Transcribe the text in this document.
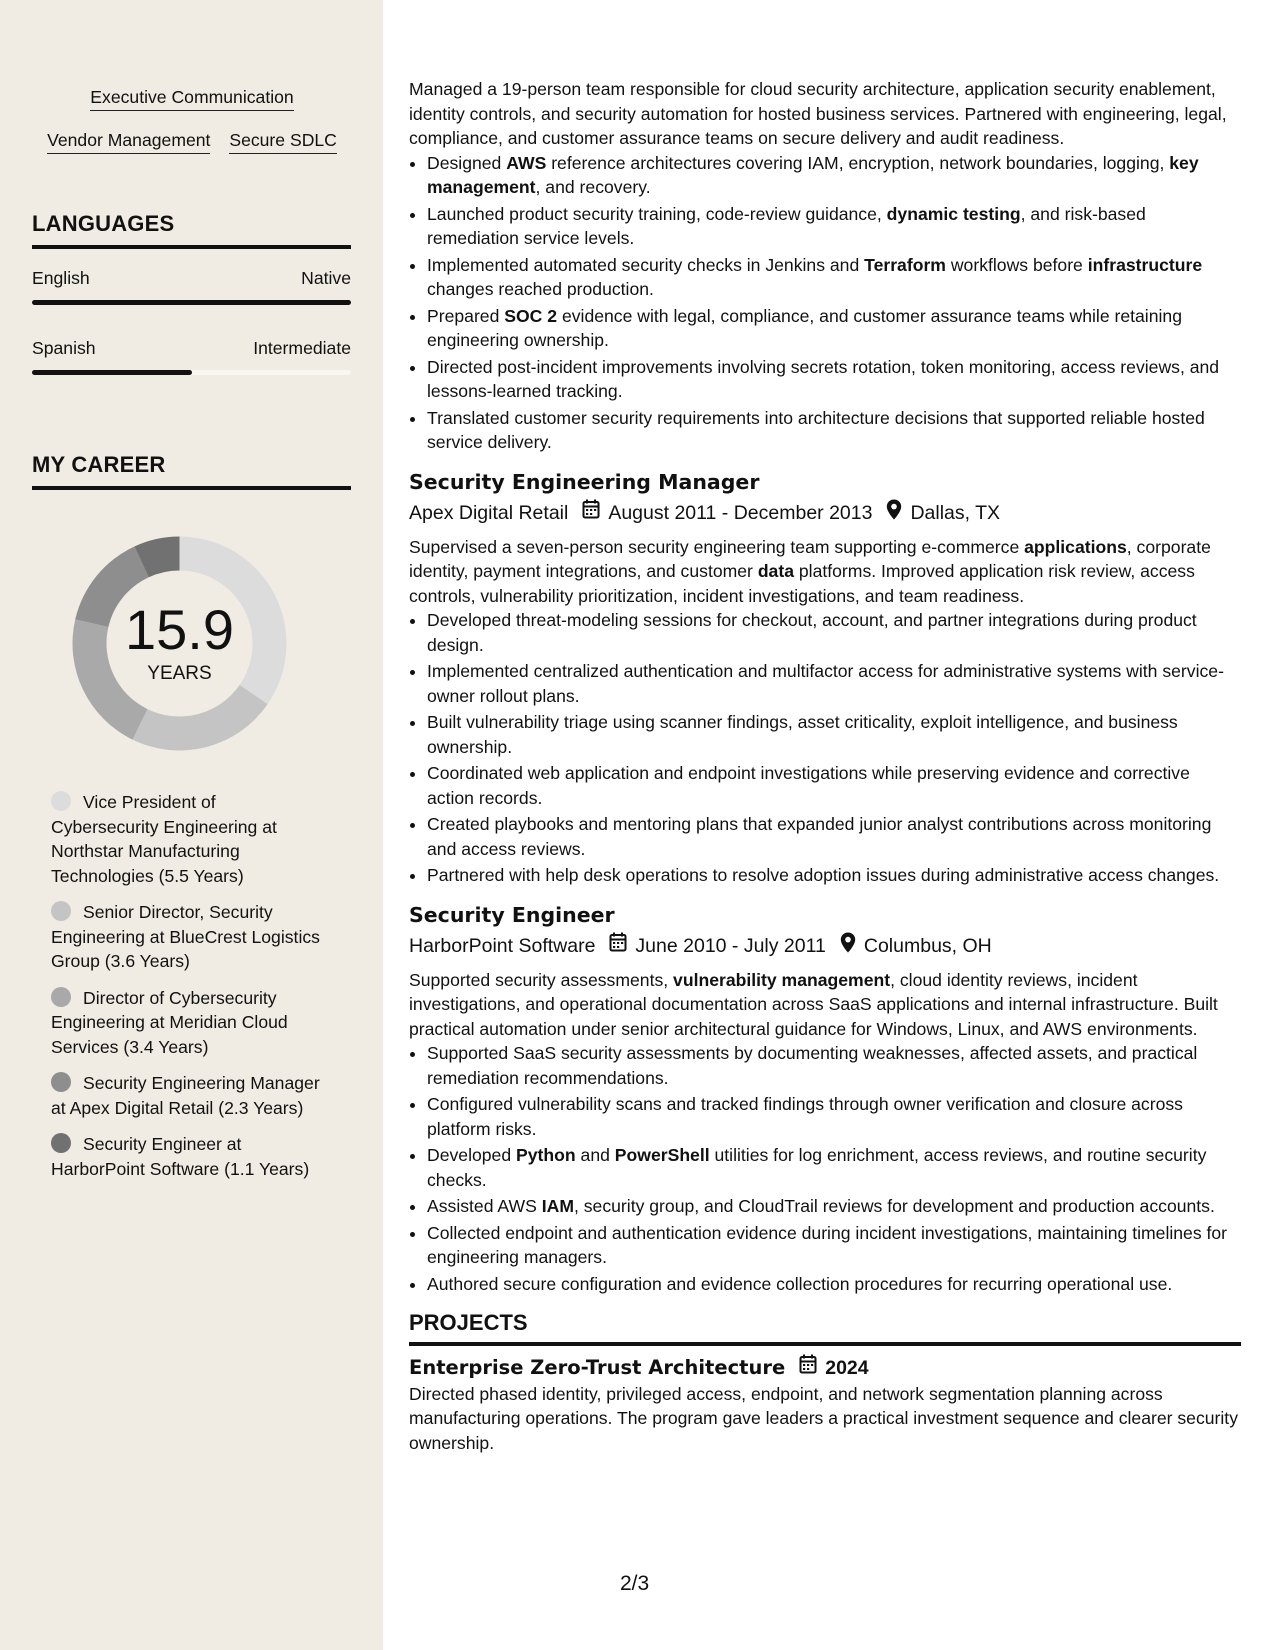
Executive Communication
Vendor Management Secure SDLC
LANGUAGES
English	Native
Spanish	Intermediate
MY CAREER
15.9
YEARS
Vice President of Cybersecurity Engineering at Northstar Manufacturing Technologies (5.5 Years)
Senior Director, Security Engineering at BlueCrest Logistics Group (3.6 Years)
Director of Cybersecurity Engineering at Meridian Cloud Services (3.4 Years)
Security Engineering Manager at Apex Digital Retail (2.3 Years)
Security Engineer at HarborPoint Software (1.1 Years)

Managed a 19-person team responsible for cloud security architecture, application security enablement, identity controls, and security automation for hosted business services. Partnered with engineering, legal, compliance, and customer assurance teams on secure delivery and audit readiness.

• Designed AWS reference architectures covering IAM, encryption, network boundaries, logging, key management, and recovery.
• Launched product security training, code-review guidance, dynamic testing, and risk-based remediation service levels.
• Implemented automated security checks in Jenkins and Terraform workflows before infrastructure changes reached production.
• Prepared SOC 2 evidence with legal, compliance, and customer assurance teams while retaining engineering ownership.
• Directed post-incident improvements involving secrets rotation, token monitoring, access reviews, and lessons-learned tracking.
• Translated customer security requirements into architecture decisions that supported reliable hosted service delivery.
Security Engineering Manager
Apex Digital Retail August 2011 - December 2013 Dallas, TX

Supervised a seven-person security engineering team supporting e-commerce applications, corporate identity, payment integrations, and customer data platforms. Improved application risk review, access controls, vulnerability prioritization, incident investigations, and team readiness.

• Developed threat-modeling sessions for checkout, account, and partner integrations during product design.
• Implemented centralized authentication and multifactor access for administrative systems with service-owner rollout plans.
• Built vulnerability triage using scanner findings, asset criticality, exploit intelligence, and business ownership.
• Coordinated web application and endpoint investigations while preserving evidence and corrective action records.
• Created playbooks and mentoring plans that expanded junior analyst contributions across monitoring and access reviews.
• Partnered with help desk operations to resolve adoption issues during administrative access changes.
Security Engineer
HarborPoint Software June 2010 - July 2011 Columbus, OH

Supported security assessments, vulnerability management, cloud identity reviews, incident investigations, and operational documentation across SaaS applications and internal infrastructure. Built practical automation under senior architectural guidance for Windows, Linux, and AWS environments.

• Supported SaaS security assessments by documenting weaknesses, affected assets, and practical remediation recommendations.
• Configured vulnerability scans and tracked findings through owner verification and closure across platform risks.
• Developed Python and PowerShell utilities for log enrichment, access reviews, and routine security checks.
• Assisted AWS IAM, security group, and CloudTrail reviews for development and production accounts.
• Collected endpoint and authentication evidence during incident investigations, maintaining timelines for engineering managers.
• Authored secure configuration and evidence collection procedures for recurring operational use.
PROJECTS
Enterprise Zero-Trust Architecture 2024

Directed phased identity, privileged access, endpoint, and network segmentation planning across manufacturing operations. The program gave leaders a practical investment sequence and clearer security ownership.

2/3
